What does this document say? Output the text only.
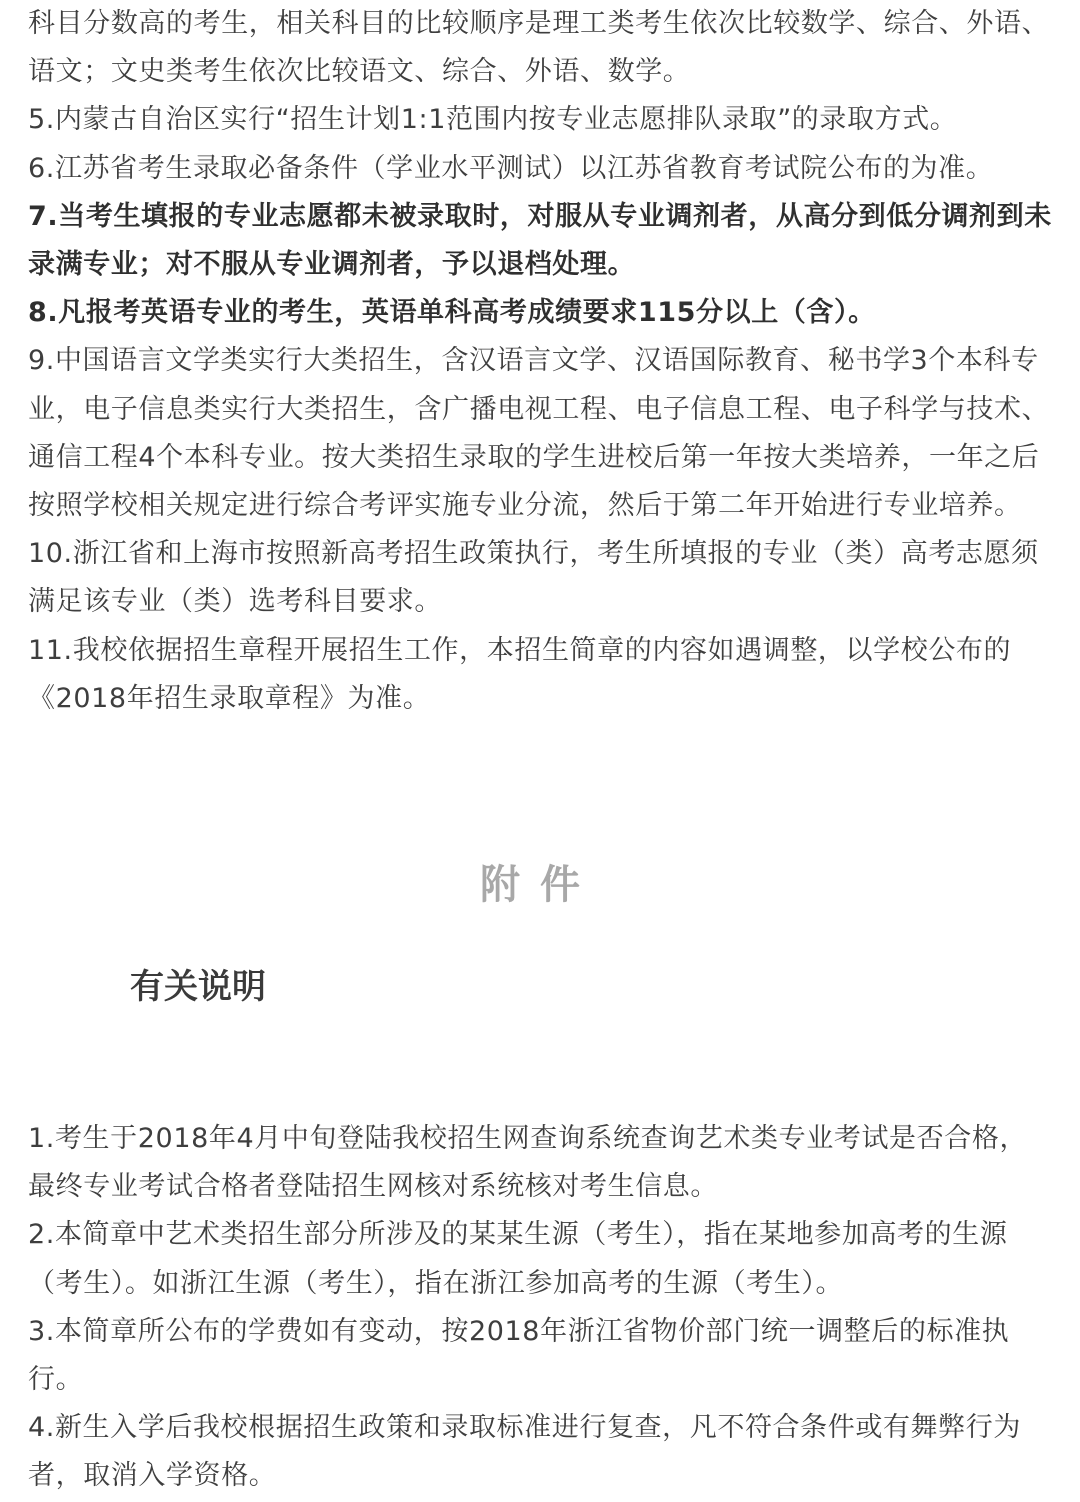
科目分数高的考生，相关科目的比较顺序是理工类考生依次比较数学、综合、外语、语文；文史类考生依次比较语文、综合、外语、数学。

5.内蒙古自治区实行“招生计划1:1范围内按专业志愿排队录取”的录取方式。

6.江苏省考生录取必备条件（学业水平测试）以江苏省教育考试院公布的为准。

7.当考生填报的专业志愿都未被录取时，对服从专业调剂者，从高分到低分调剂到未录满专业；对不服从专业调剂者，予以退档处理。

8.凡报考英语专业的考生，英语单科高考成绩要求115分以上（含）。

9.中国语言文学类实行大类招生，含汉语言文学、汉语国际教育、秘书学3个本科专业，电子信息类实行大类招生，含广播电视工程、电子信息工程、电子科学与技术、通信工程4个本科专业。按大类招生录取的学生进校后第一年按大类培养，一年之后按照学校相关规定进行综合考评实施专业分流，然后于第二年开始进行专业培养。

10.浙江省和上海市按照新高考招生政策执行，考生所填报的专业（类）高考志愿须满足该专业（类）选考科目要求。

11.我校依据招生章程开展招生工作，本招生简章的内容如遇调整，以学校公布的《2018年招生录取章程》为准。

附件
有关说明

1.考生于2018年4月中旬登陆我校招生网查询系统查询艺术类专业考试是否合格，最终专业考试合格者登陆招生网核对系统核对考生信息。

2.本简章中艺术类招生部分所涉及的某某生源（考生），指在某地参加高考的生源（考生）。如浙江生源（考生），指在浙江参加高考的生源（考生）。

3.本简章所公布的学费如有变动，按2018年浙江省物价部门统一调整后的标准执行。

4.新生入学后我校根据招生政策和录取标准进行复查，凡不符合条件或有舞弊行为者，取消入学资格。
